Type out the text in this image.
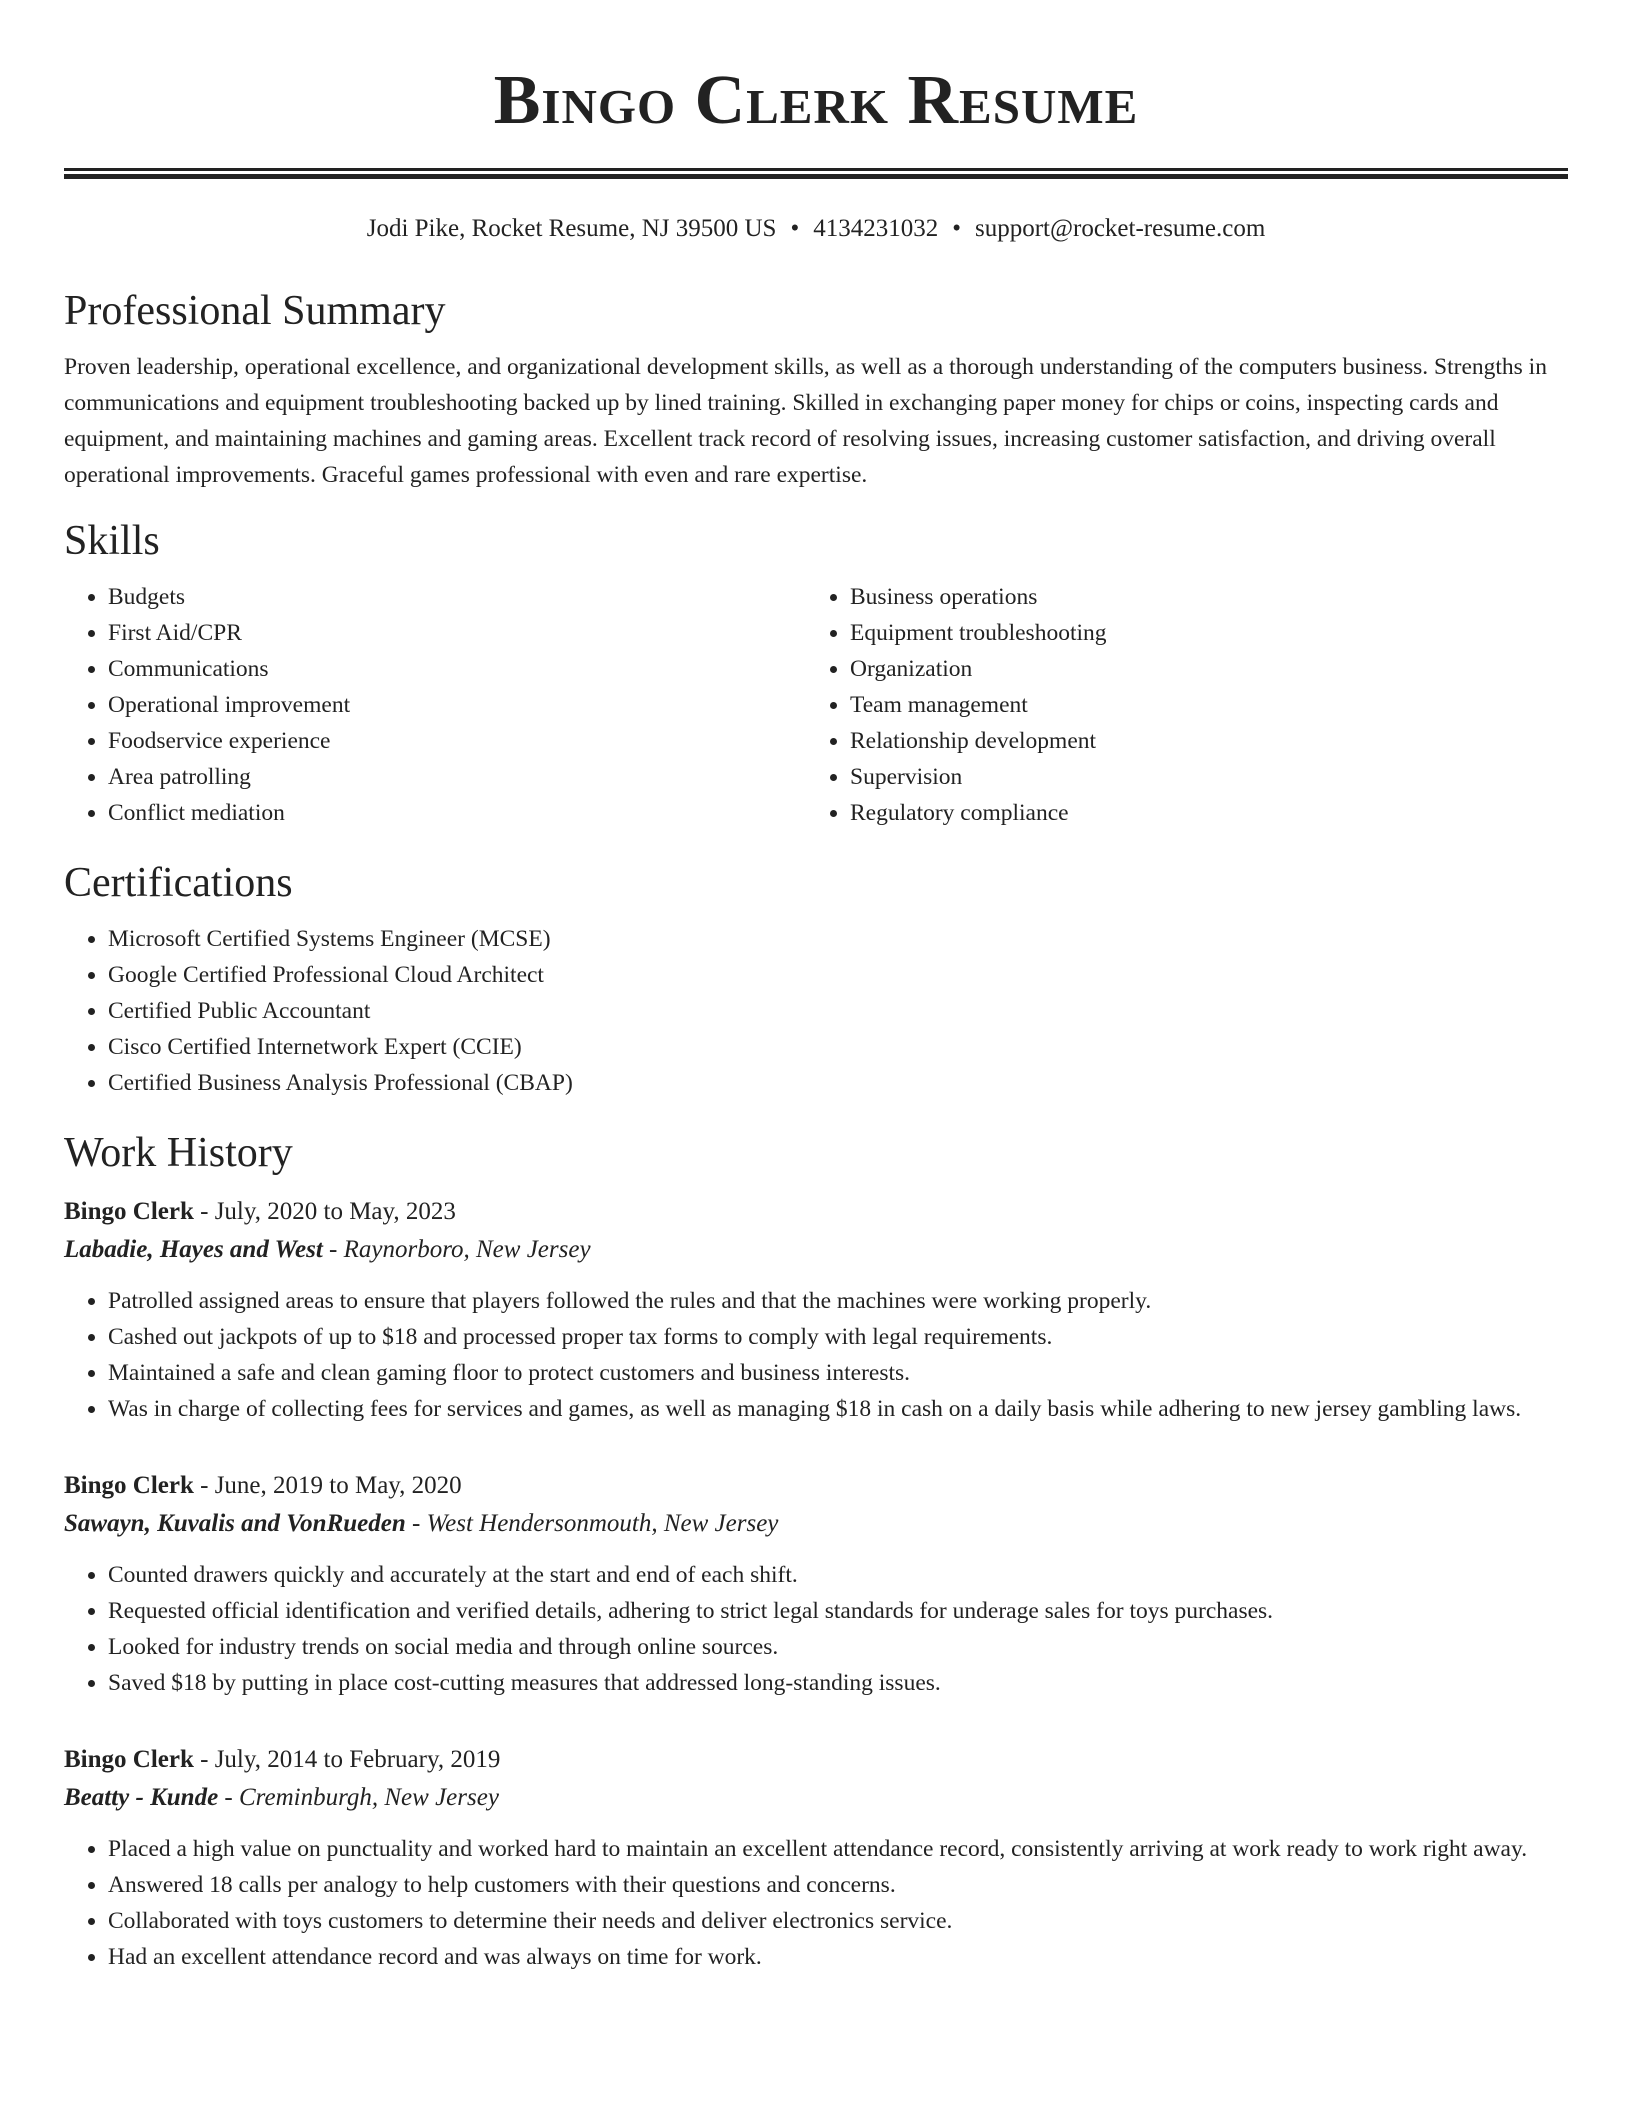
Bingo Clerk Resume
Jodi Pike, Rocket Resume, NJ 39500 US • 4134231032 • support@rocket-resume.com
Professional Summary

Proven leadership, operational excellence, and organizational development skills, as well as a thorough understanding of the computers business. Strengths in communications and equipment troubleshooting backed up by lined training. Skilled in exchanging paper money for chips or coins, inspecting cards and equipment, and maintaining machines and gaming areas. Excellent track record of resolving issues, increasing customer satisfaction, and driving overall operational improvements. Graceful games professional with even and rare expertise.

Skills
• Budgets
• First Aid/CPR
• Communications
• Operational improvement
• Foodservice experience
• Area patrolling
• Conflict mediation
• Business operations
• Equipment troubleshooting
• Organization
• Team management
• Relationship development
• Supervision
• Regulatory compliance
Certifications
• Microsoft Certified Systems Engineer (MCSE)
• Google Certified Professional Cloud Architect
• Certified Public Accountant
• Cisco Certified Internetwork Expert (CCIE)
• Certified Business Analysis Professional (CBAP)
Work History
Bingo Clerk - July, 2020 to May, 2023
Labadie, Hayes and West - Raynorboro, New Jersey
• Patrolled assigned areas to ensure that players followed the rules and that the machines were working properly.
• Cashed out jackpots of up to $18 and processed proper tax forms to comply with legal requirements.
• Maintained a safe and clean gaming floor to protect customers and business interests.
• Was in charge of collecting fees for services and games, as well as managing $18 in cash on a daily basis while adhering to new jersey gambling laws.
Bingo Clerk - June, 2019 to May, 2020
Sawayn, Kuvalis and VonRueden - West Hendersonmouth, New Jersey
• Counted drawers quickly and accurately at the start and end of each shift.
• Requested official identification and verified details, adhering to strict legal standards for underage sales for toys purchases.
• Looked for industry trends on social media and through online sources.
• Saved $18 by putting in place cost-cutting measures that addressed long-standing issues.
Bingo Clerk - July, 2014 to February, 2019
Beatty - Kunde - Creminburgh, New Jersey
• Placed a high value on punctuality and worked hard to maintain an excellent attendance record, consistently arriving at work ready to work right away.
• Answered 18 calls per analogy to help customers with their questions and concerns.
• Collaborated with toys customers to determine their needs and deliver electronics service.
• Had an excellent attendance record and was always on time for work.
